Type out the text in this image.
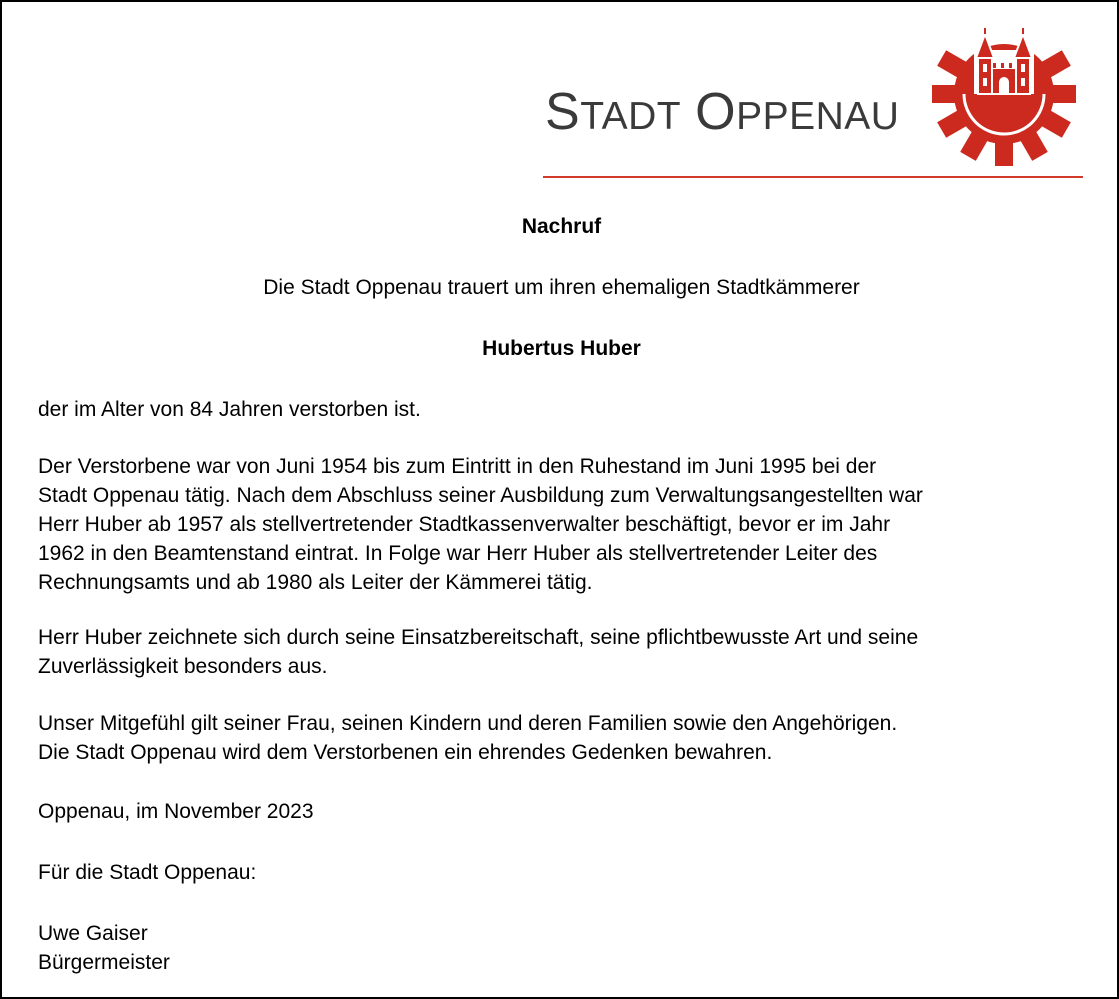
STADT OPPENAU

Nachruf

Die Stadt Oppenau trauert um ihren ehemaligen Stadtkämmerer

Hubertus Huber

der im Alter von 84 Jahren verstorben ist.

Der Verstorbene war von Juni 1954 bis zum Eintritt in den Ruhestand im Juni 1995 bei der
Stadt Oppenau tätig. Nach dem Abschluss seiner Ausbildung zum Verwaltungsangestellten war
Herr Huber ab 1957 als stellvertretender Stadtkassenverwalter beschäftigt, bevor er im Jahr
1962 in den Beamtenstand eintrat. In Folge war Herr Huber als stellvertretender Leiter des
Rechnungsamts und ab 1980 als Leiter der Kämmerei tätig.
Herr Huber zeichnete sich durch seine Einsatzbereitschaft, seine pflichtbewusste Art und seine
Zuverlässigkeit besonders aus.
Unser Mitgefühl gilt seiner Frau, seinen Kindern und deren Familien sowie den Angehörigen.
Die Stadt Oppenau wird dem Verstorbenen ein ehrendes Gedenken bewahren.

Oppenau, im November 2023

Für die Stadt Oppenau:

Uwe Gaiser
Bürgermeister
